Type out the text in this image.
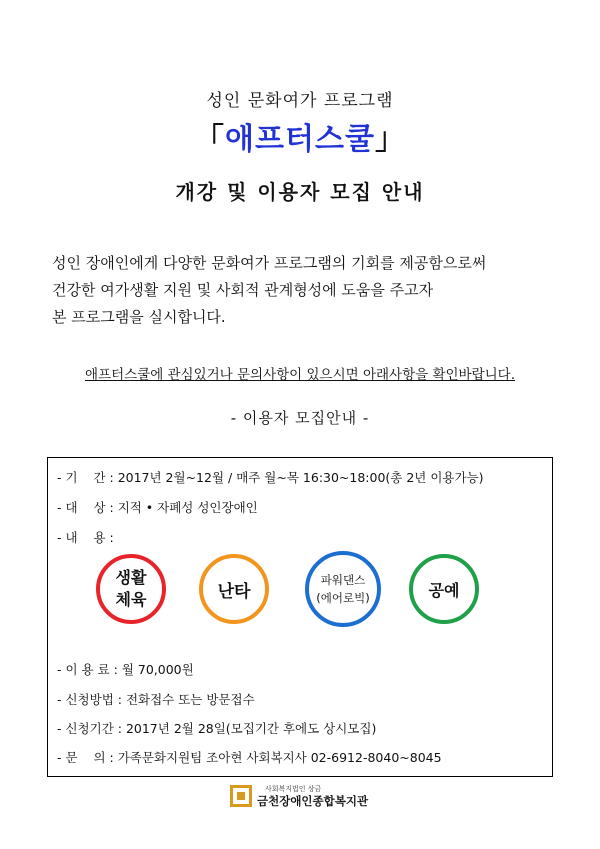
성인 문화여가 프로그램
「애프터스쿨」
개강 및 이용자 모집 안내
성인 장애인에게 다양한 문화여가 프로그램의 기회를 제공함으로써
건강한 여가생활 지원 및 사회적 관계형성에 도움을 주고자
본 프로그램을 실시합니다.
애프터스쿨에 관심있거나 문의사항이 있으시면 아래사항을 확인바랍니다.
- 이용자 모집안내 -
- 기    간 : 2017년 2월~12월 / 매주 월~목 16:30~18:00(총 2년 이용가능)
- 대    상 : 지적 • 자폐성 성인장애인
- 내    용 :
생활
체육	난타
파워댄스
(에어로빅)	공예
- 이 용 료 : 월 70,000원
- 신청방법 : 전화접수 또는 방문접수
- 신청기간 : 2017년 2월 28일(모집기간 후에도 상시모집)
- 문    의 : 가족문화지원팀 조아현 사회복지사 02-6912-8040~8045
사회복지법인 상금
금천장애인종합복지관
